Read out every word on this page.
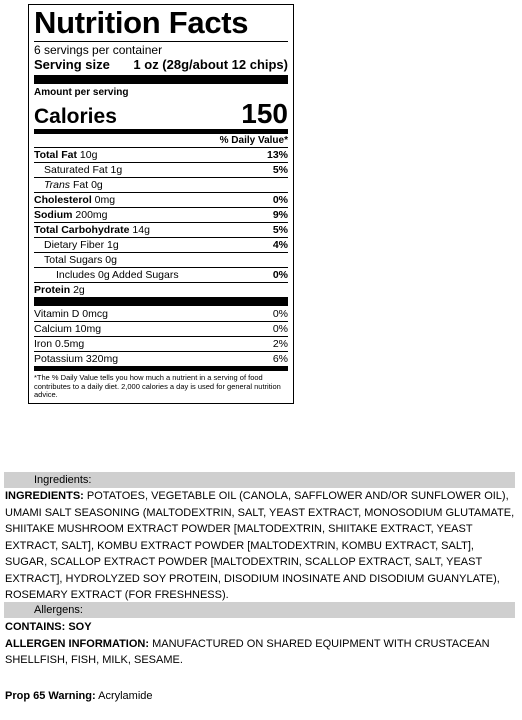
Nutrition Facts
6 servings per container
Serving size 1 oz (28g/about 12 chips)
Amount per serving
Calories	150
% Daily Value*
Total Fat 10g	13%
Saturated Fat 1g	5%
Trans Fat 0g
Cholesterol 0mg	0%
Sodium 200mg	9%
Total Carbohydrate 14g	5%
Dietary Fiber 1g	4%
Total Sugars 0g
Includes 0g Added Sugars	0%
Protein 2g
Vitamin D 0mcg	0%
Calcium 10mg	0%
Iron 0.5mg	2%
Potassium 320mg	6%
*The % Daily Value tells you how much a nutrient in a serving of food contributes to a daily diet. 2,000 calories a day is used for general nutrition advice.
Ingredients:
INGREDIENTS: POTATOES, VEGETABLE OIL (CANOLA, SAFFLOWER AND/OR SUNFLOWER OIL), UMAMI SALT SEASONING (MALTODEXTRIN, SALT, YEAST EXTRACT, MONOSODIUM GLUTAMATE, SHIITAKE MUSHROOM EXTRACT POWDER [MALTODEXTRIN, SHIITAKE EXTRACT, YEAST EXTRACT, SALT], KOMBU EXTRACT POWDER [MALTODEXTRIN, KOMBU EXTRACT, SALT], SUGAR, SCALLOP EXTRACT POWDER [MALTODEXTRIN, SCALLOP EXTRACT, SALT, YEAST EXTRACT], HYDROLYZED SOY PROTEIN, DISODIUM INOSINATE AND DISODIUM GUANYLATE), ROSEMARY EXTRACT (FOR FRESHNESS).
Allergens:
CONTAINS: SOY
ALLERGEN INFORMATION: MANUFACTURED ON SHARED EQUIPMENT WITH CRUSTACEAN SHELLFISH, FISH, MILK, SESAME.
Prop 65 Warning: Acrylamide
